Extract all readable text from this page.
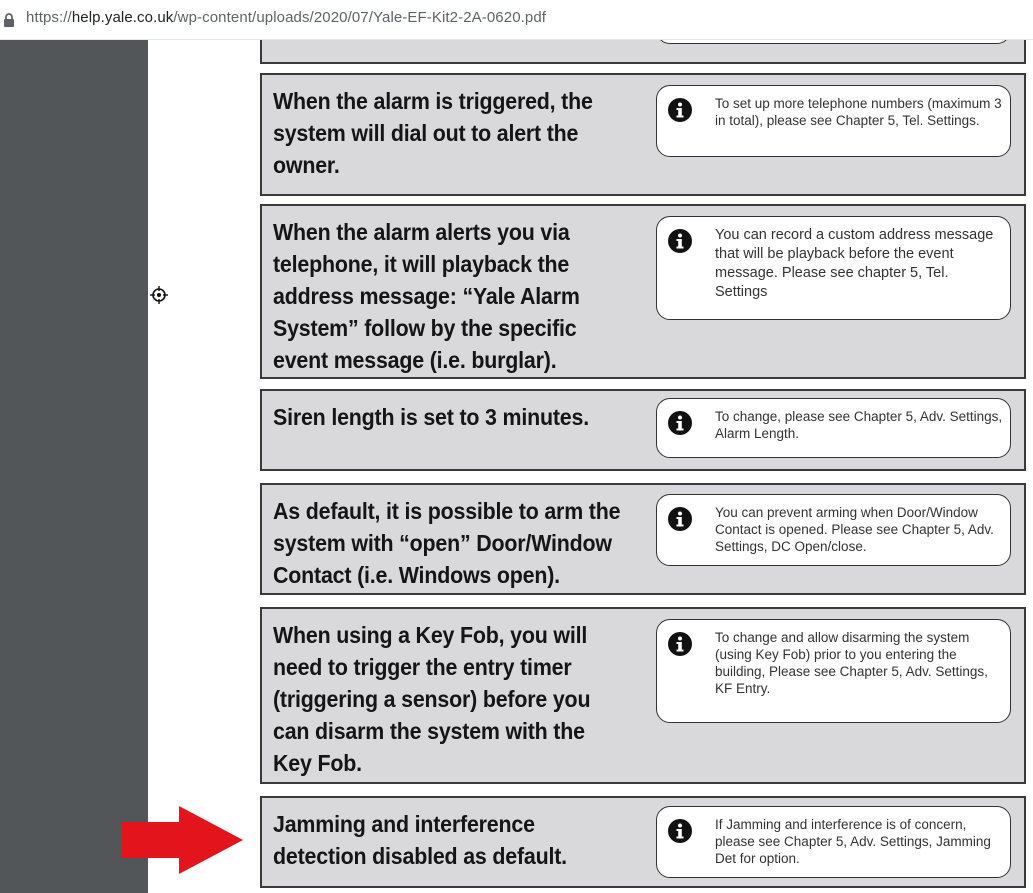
https://help.yale.co.uk/wp-content/uploads/2020/07/Yale-EF-Kit2-2A-0620.pdf
When the alarm is triggered, the system will dial out to alert the owner.
To set up more telephone numbers (maximum 3 in total), please see Chapter 5, Tel. Settings.
When the alarm alerts you via telephone, it will playback the address message: “Yale Alarm System” follow by the specific event message (i.e. burglar).
You can record a custom address message that will be playback before the event message. Please see chapter 5, Tel. Settings
Siren length is set to 3 minutes.	To change, please see Chapter 5, Adv. Settings, Alarm Length.
As default, it is possible to arm the system with “open” Door/Window Contact (i.e. Windows open).
You can prevent arming when Door/Window Contact is opened. Please see Chapter 5, Adv. Settings, DC Open/close.
When using a Key Fob, you will need to trigger the entry timer (triggering a sensor) before you can disarm the system with the Key Fob.
To change and allow disarming the system (using Key Fob) prior to you entering the building, Please see Chapter 5, Adv. Settings, KF Entry.
Jamming and interference detection disabled as default.
If Jamming and interference is of concern, please see Chapter 5, Adv. Settings, Jamming Det for option.
